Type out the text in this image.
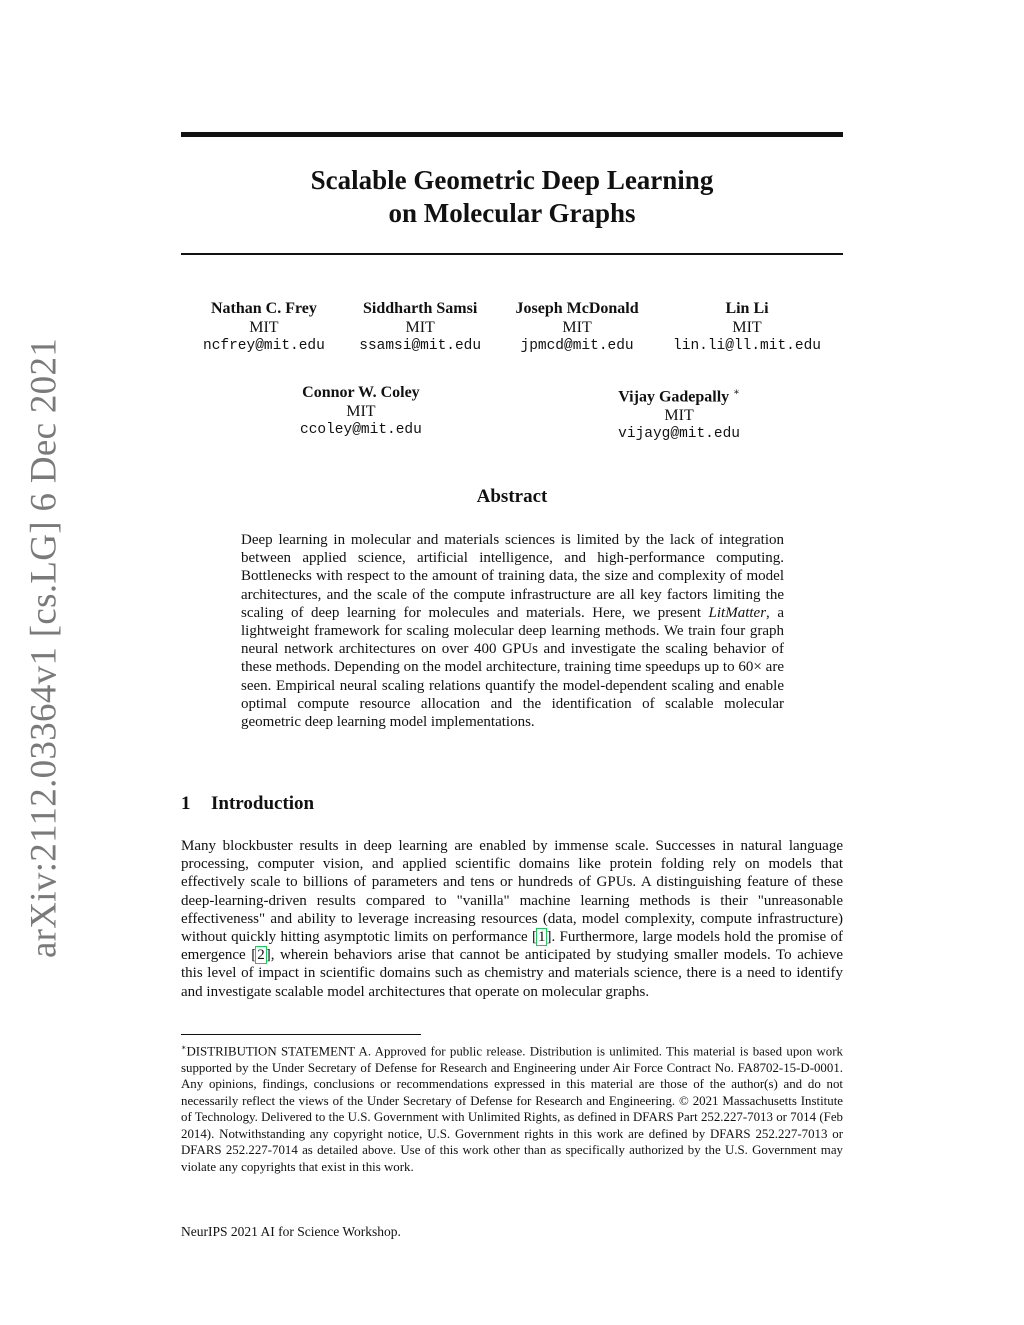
arXiv:2112.03364v1 [cs.LG] 6 Dec 2021
Scalable Geometric Deep Learning
on Molecular Graphs
Nathan C. Frey
MIT
ncfrey@mit.edu
Siddharth Samsi
MIT
ssamsi@mit.edu
Joseph McDonald
MIT
jpmcd@mit.edu
Lin Li
MIT
lin.li@ll.mit.edu
Connor W. Coley
MIT
ccoley@mit.edu
Vijay Gadepally ∗
MIT
vijayg@mit.edu
Abstract
Deep learning in molecular and materials sciences is limited by the lack of integration between applied science, artificial intelligence, and high-performance computing. Bottlenecks with respect to the amount of training data, the size and complexity of model architectures, and the scale of the compute infrastructure are all key factors limiting the scaling of deep learning for molecules and materials. Here, we present LitMatter, a lightweight framework for scaling molecular deep learning methods. We train four graph neural network architectures on over 400 GPUs and investigate the scaling behavior of these methods. Depending on the model architecture, training time speedups up to 60× are seen. Empirical neural scaling relations quantify the model-dependent scaling and enable optimal compute resource allocation and the identification of scalable molecular geometric deep learning model implementations.
1 Introduction
Many blockbuster results in deep learning are enabled by immense scale. Successes in natural language processing, computer vision, and applied scientific domains like protein folding rely on models that effectively scale to billions of parameters and tens or hundreds of GPUs. A distinguishing feature of these deep-learning-driven results compared to "vanilla" machine learning methods is their "unreasonable effectiveness" and ability to leverage increasing resources (data, model complexity, compute infrastructure) without quickly hitting asymptotic limits on performance [1]. Furthermore, large models hold the promise of emergence [2], wherein behaviors arise that cannot be anticipated by studying smaller models. To achieve this level of impact in scientific domains such as chemistry and materials science, there is a need to identify and investigate scalable model architectures that operate on molecular graphs.
∗DISTRIBUTION STATEMENT A. Approved for public release. Distribution is unlimited. This material is based upon work supported by the Under Secretary of Defense for Research and Engineering under Air Force Contract No. FA8702-15-D-0001. Any opinions, findings, conclusions or recommendations expressed in this material are those of the author(s) and do not necessarily reflect the views of the Under Secretary of Defense for Research and Engineering. © 2021 Massachusetts Institute of Technology. Delivered to the U.S. Government with Unlimited Rights, as defined in DFARS Part 252.227-7013 or 7014 (Feb 2014). Notwithstanding any copyright notice, U.S. Government rights in this work are defined by DFARS 252.227-7013 or DFARS 252.227-7014 as detailed above. Use of this work other than as specifically authorized by the U.S. Government may violate any copyrights that exist in this work.
NeurIPS 2021 AI for Science Workshop.
